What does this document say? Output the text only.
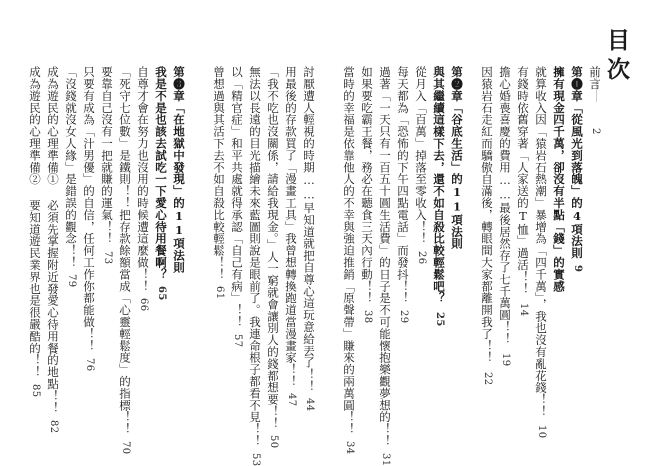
目次
前言2
第❶章「從風光到落魄」的4項法則9
擁有現金四千萬，卻沒有半點「錢」的實感
就算收入因「猿岩石熱潮」暴增為「四千萬」，我也沒有亂花錢！！10
有錢時依舊穿著「人家送的T恤」過活！！14
擔心婚喪喜慶的費用……最後居然存了七千萬圓！！19
因猿岩石走紅而驕傲自滿後，轉眼間大家都離開我了！！22
第❷章「谷底生活」的11項法則
與其繼續這樣下去，還不如自殺比較輕鬆吧？25
從月入「百萬」掉落至零收入！！26
每天都為「恐怖的下午四點電話」而發抖！！29
過著「一天只有一百五十圓生活費」的日子是不可能懷抱樂觀夢想的！！31
如果要吃霸王餐，務必在聽食三天內行動！！38
當時的幸福是依靠他人的不幸與強迫推銷「原聲帶」賺來的兩萬圓！！34
討厭遭人輕視的時期……早知道就把自尊心這玩意給丟了！！44
用最後的存款買了「漫畫工具」我曾想轉換跑道當漫畫家！！47
「我不吃也沒關係，請給我現金。」人一窮就會讓別人的錢都想要！！50
無法以長遠的目光描繪未來藍圖則說是眼前了。我連命根子都看不見！！53
以「精官症」和平共處就得承認「自己有病」！！57
曾想過與其活下去不如自殺比較輕鬆！！61
第❸章「在地獄中發現」的11項法則
我是不是也該去試吃一下愛心待用餐啊？65
自尊才會在努力也沒用的時候遭這麼做！！66
「死守七位數」是鐵則！！把存款餘額當成「心靈輕鬆度」的指標！！70
要靠自己沒有一把就賺的運氣！！73
只要有成為「汁男優」的自信，任何工作你都能做！！76
「沒錢就沒女人緣」是錯誤的觀念！！79
成為遊民的心理準備① 必須先掌握附近發愛心待用餐的地點！！82
成為遊民的心理準備② 要知道遊民業界也是很嚴酷的！！85
